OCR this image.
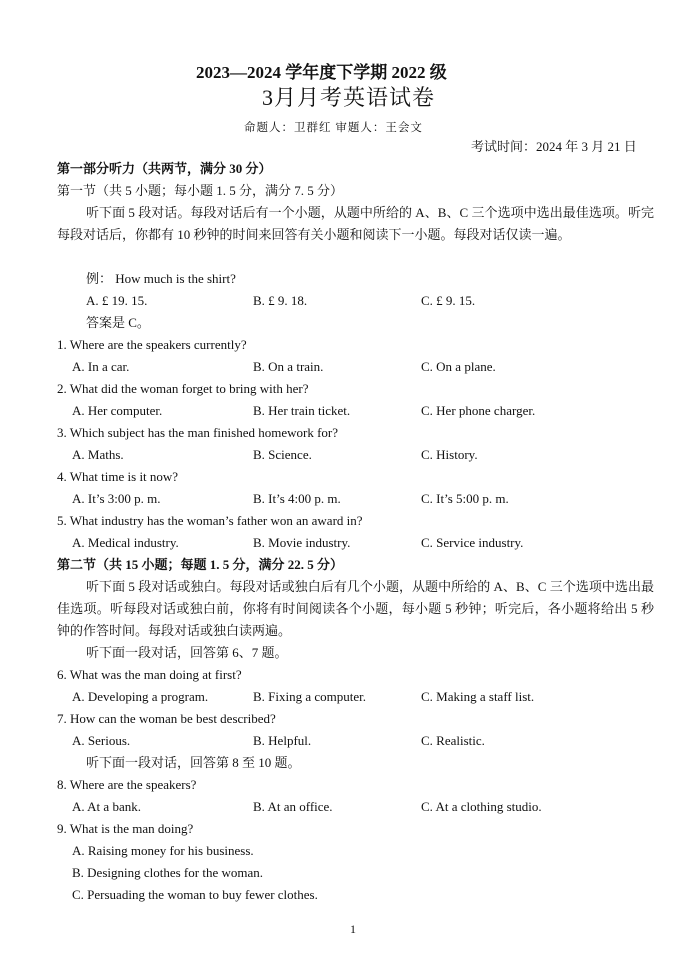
2023—2024 学年度下学期 2022 级
3月月考英语试卷
命题人：卫群红 审题人：王会文
考试时间：2024 年 3 月 21 日
第一部分听力（共两节，满分 30 分）
第一节（共 5 小题；每小题 1. 5 分，满分 7. 5 分）
听下面 5 段对话。每段对话后有一个小题，从题中所给的 A、B、C 三个选项中选出最佳选项。听完每段对话后，你都有 10 秒钟的时间来回答有关小题和阅读下一小题。每段对话仅读一遍。
例： How much is the shirt?
A. £ 19. 15.	B. £ 9. 18.	C. £ 9. 15.
答案是 C。
1. Where are the speakers currently?
A. In a car.	B. On a train.	C. On a plane.
2. What did the woman forget to bring with her?
A. Her computer.	B. Her train ticket.	C. Her phone charger.
3. Which subject has the man finished homework for?
A. Maths.	B. Science.	C. History.
4. What time is it now?
A. It’s 3:00 p. m.	B. It’s 4:00 p. m.	C. It’s 5:00 p. m.
5. What industry has the woman’s father won an award in?
A. Medical industry.	B. Movie industry.	C. Service industry.
第二节（共 15 小题；每题 1. 5 分，满分 22. 5 分）
听下面 5 段对话或独白。每段对话或独白后有几个小题，从题中所给的 A、B、C 三个选项中选出最佳选项。听每段对话或独白前，你将有时间阅读各个小题，每小题 5 秒钟；听完后，各小题将给出 5 秒钟的作答时间。每段对话或独白读两遍。
听下面一段对话，回答第 6、7 题。
6. What was the man doing at first?
A. Developing a program.	B. Fixing a computer.	C. Making a staff list.
7. How can the woman be best described?
A. Serious.	B. Helpful.	C. Realistic.
听下面一段对话，回答第 8 至 10 题。
8. Where are the speakers?
A. At a bank.	B. At an office.	C. At a clothing studio.
9. What is the man doing?
A. Raising money for his business.
B. Designing clothes for the woman.
C. Persuading the woman to buy fewer clothes.
1
